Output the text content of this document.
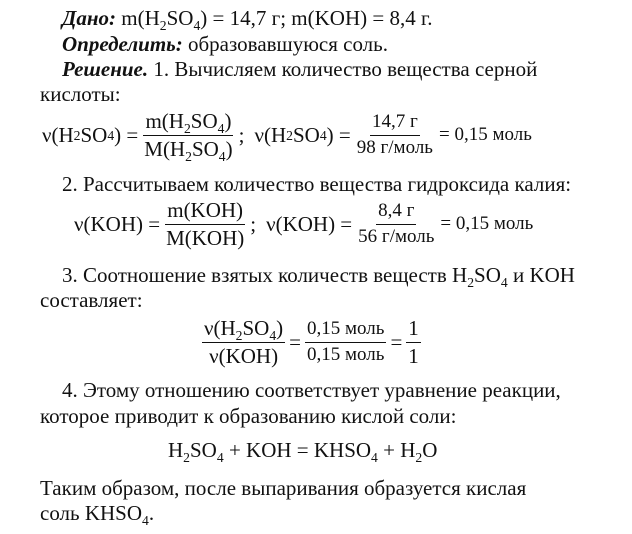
Дано: $m(H_2SO_4) = 14,7$ г; m(KOH) = 8,4 г.
Определить: образовавшуюся соль.
Решение. 1. Вычисляем количество вещества серной
кислоты:
ν(H 2 SO 4 ) = $\frac{m(H_2SO_4)}{M(H_2SO_4)}$ ; ν(H 2 SO 4 ) = $\frac{14,7 г}{\text{98 г/моль}} = 0,15$ моль
2. Рассчитываем количество вещества гидроксида калия:
$\nu(KOH) = \frac{\text{m(KOH)}}{\text{M(KOH)}}$ ; $\nu(KOH) = \frac{8,4 г}{\text{56 г/моль}} = 0,15$ моль
3. Соотношение взятых количеств веществ $H_2SO_4$ и KOH
составляет:
$\frac{\nu(H_2SO_4)}{\text{ν(KOH)}} = \frac{\text{0,15 моль}}{\text{0,15 моль}} = \frac{1}{1}$
4. Этому отношению соответствует уравнение реакции,
которое приводит к образованию кислой соли:
$H_2SO_4$ + KOH = $KHSO_4 + H_2O$
Таким образом, после выпаривания образуется кислая
соль $KHSO_4$.
